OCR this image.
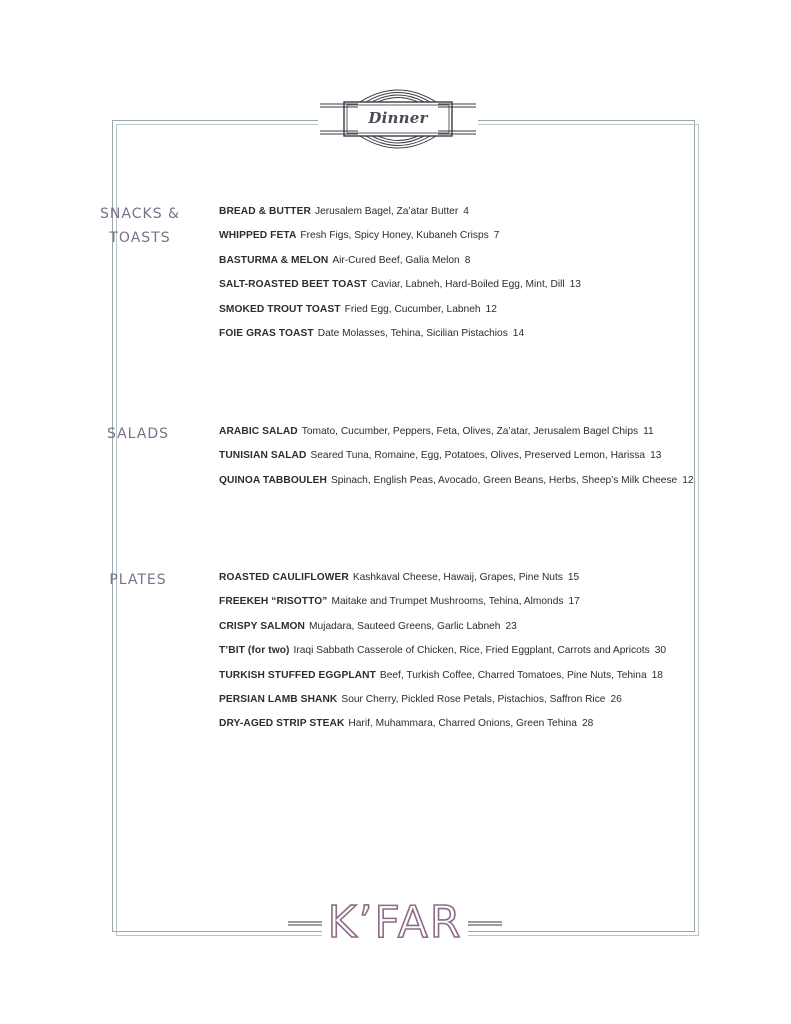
Dinner
SNACKS &
TOASTS
BREAD & BUTTER Jerusalem Bagel, Za’atar Butter 4
WHIPPED FETA Fresh Figs, Spicy Honey, Kubaneh Crisps 7
BASTURMA & MELON Air-Cured Beef, Galia Melon 8
SALT-ROASTED BEET TOAST Caviar, Labneh, Hard-Boiled Egg, Mint, Dill 13
SMOKED TROUT TOAST Fried Egg, Cucumber, Labneh 12
FOIE GRAS TOAST Date Molasses, Tehina, Sicilian Pistachios 14
SALADS	ARABIC SALAD Tomato, Cucumber, Peppers, Feta, Olives, Za’atar, Jerusalem Bagel Chips 11
TUNISIAN SALAD Seared Tuna, Romaine, Egg, Potatoes, Olives, Preserved Lemon, Harissa 13
QUINOA TABBOULEH Spinach, English Peas, Avocado, Green Beans, Herbs, Sheep’s Milk Cheese 12
PLATES	ROASTED CAULIFLOWER Kashkaval Cheese, Hawaij, Grapes, Pine Nuts 15
FREEKEH “RISOTTO” Maitake and Trumpet Mushrooms, Tehina, Almonds 17
CRISPY SALMON Mujadara, Sauteed Greens, Garlic Labneh 23
T’BIT (for two) Iraqi Sabbath Casserole of Chicken, Rice, Fried Eggplant, Carrots and Apricots 30
TURKISH STUFFED EGGPLANT Beef, Turkish Coffee, Charred Tomatoes, Pine Nuts, Tehina 18
PERSIAN LAMB SHANK Sour Cherry, Pickled Rose Petals, Pistachios, Saffron Rice 26
DRY-AGED STRIP STEAK Harif, Muhammara, Charred Onions, Green Tehina 28
K’FAR
